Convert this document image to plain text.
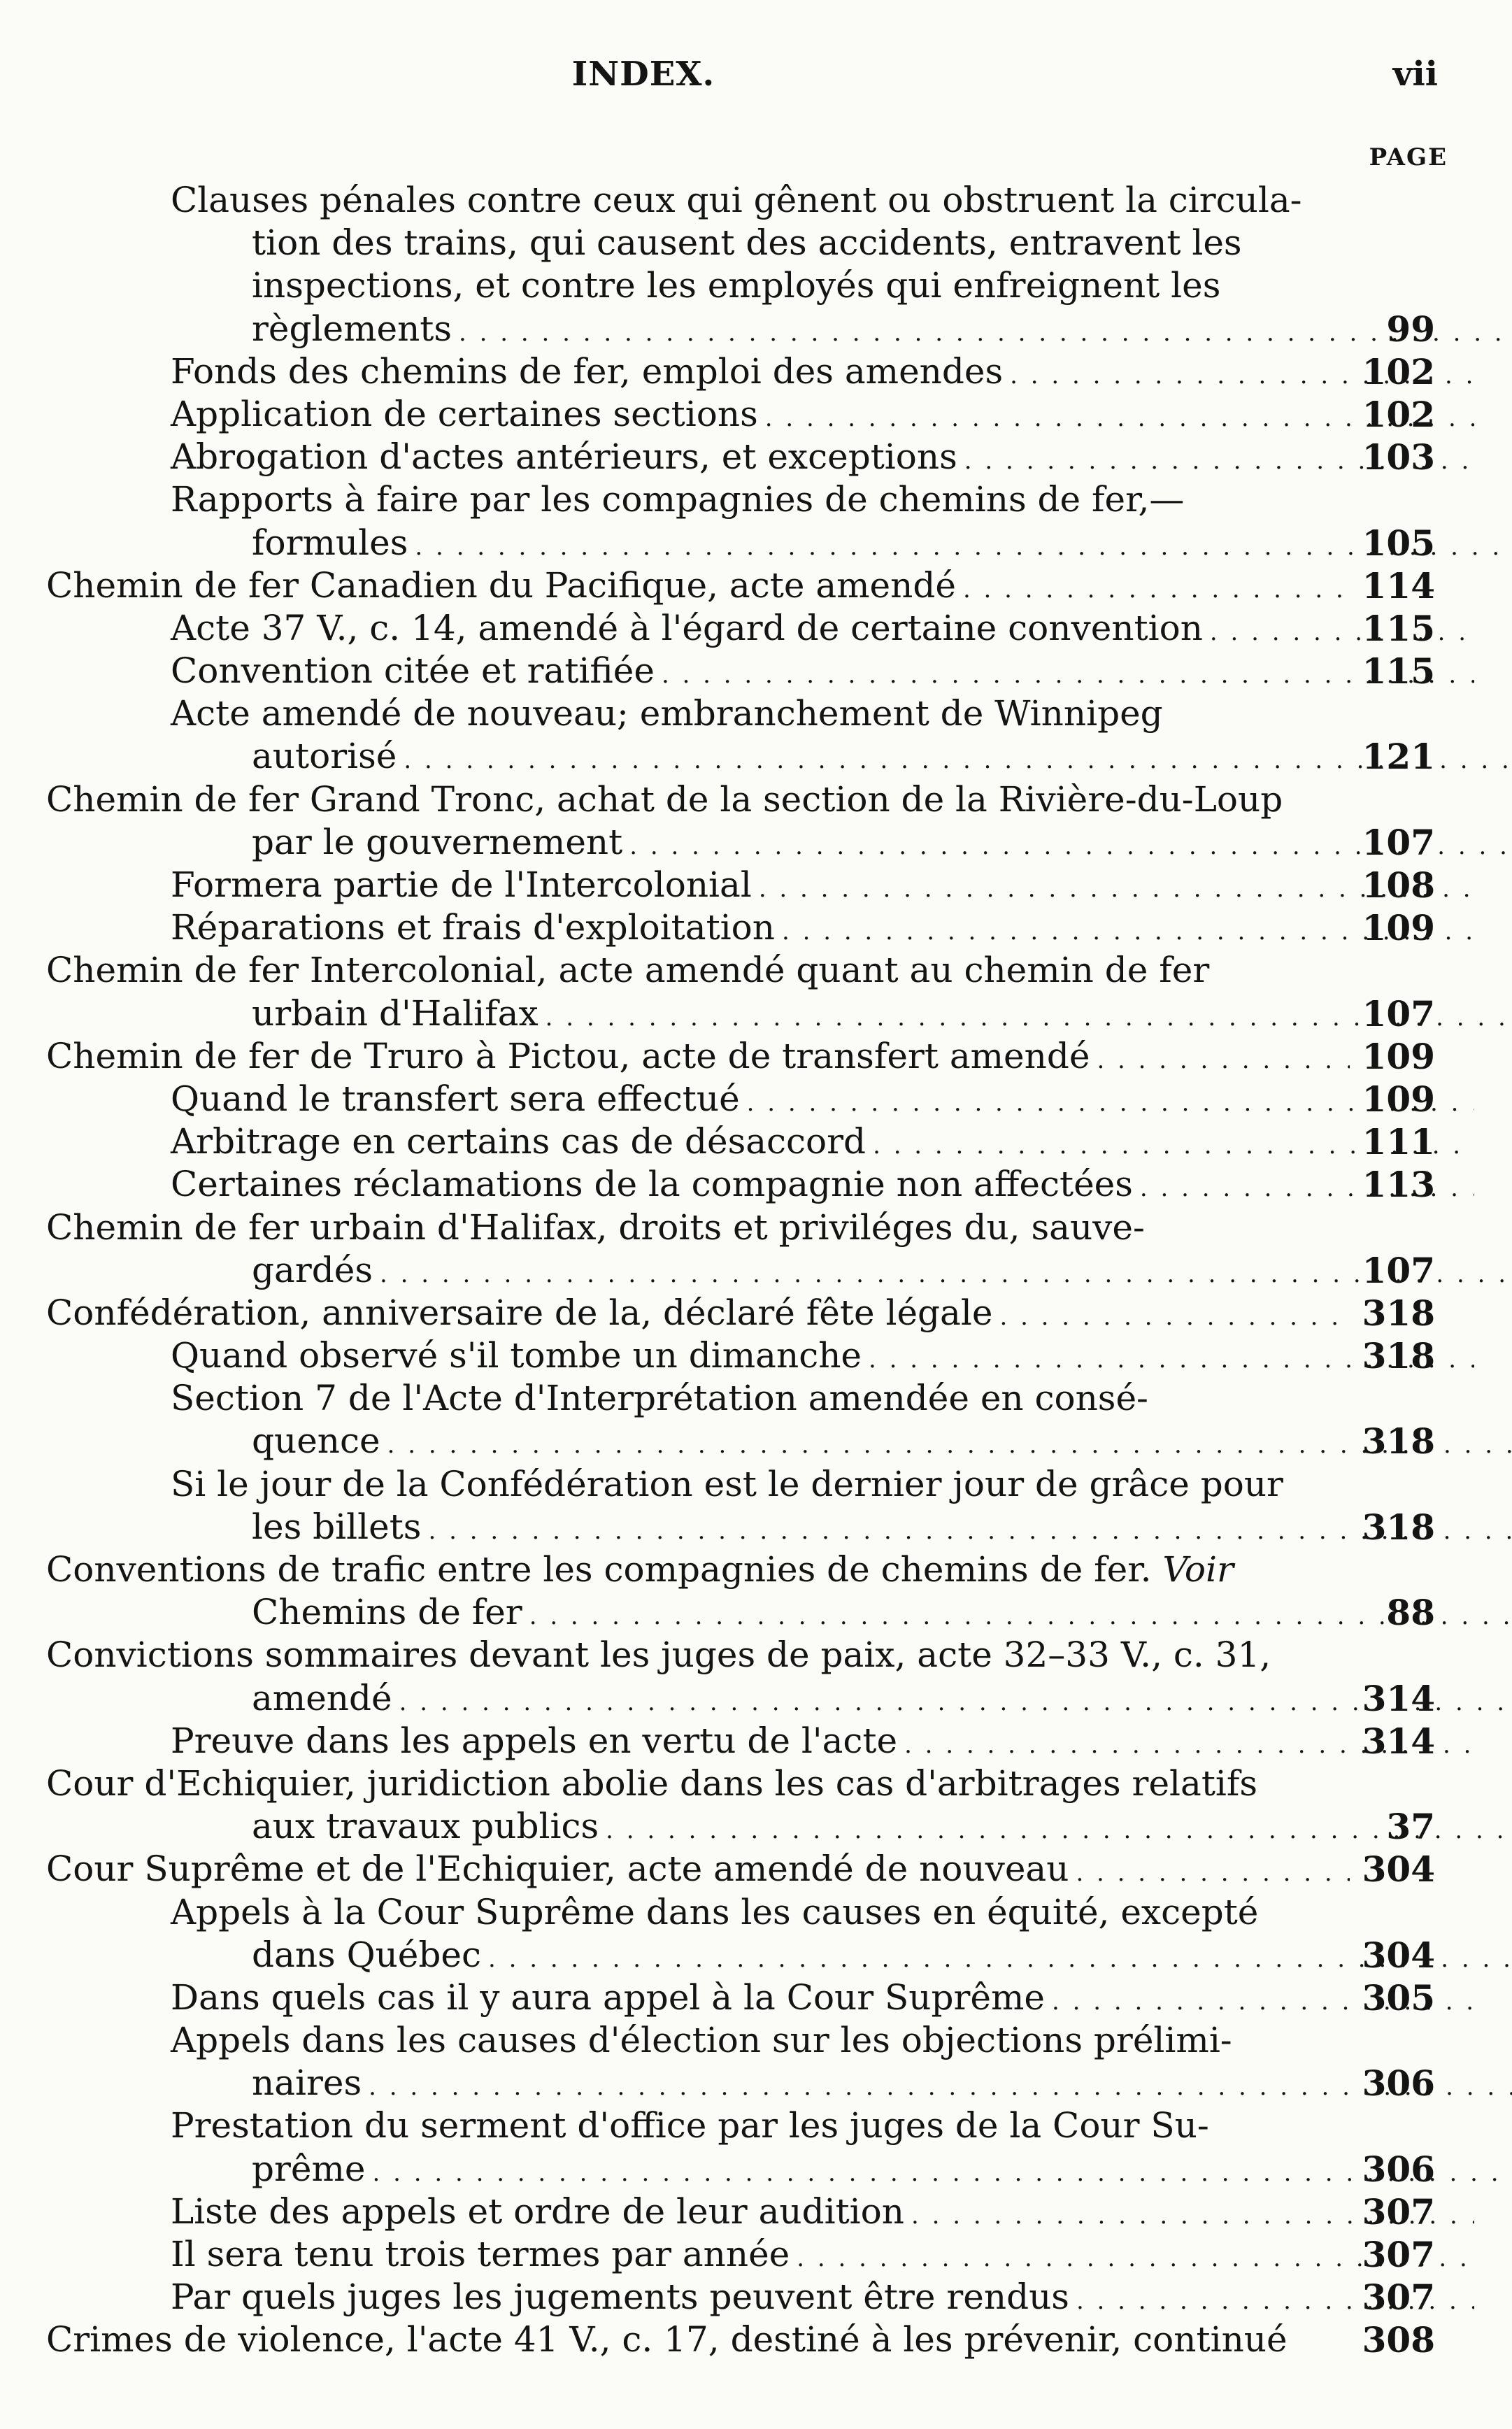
INDEX.	vii
PAGE
Clauses pénales contre ceux qui gênent ou obstruent la circula-
tion des trains, qui causent des accidents, entravent les
inspections, et contre les employés qui enfreignent les
règlements . . .	99
Fonds des chemins de fer, emploi des amendes . . .	102
Application de certaines sections . . .	102
Abrogation d'actes antérieurs, et exceptions . . .	103
Rapports à faire par les compagnies de chemins de fer,—
formules . . .	105
Chemin de fer Canadien du Pacifique, acte amendé . . .	114
Acte 37 V., c. 14, amendé à l'égard de certaine convention . . .	115
Convention citée et ratifiée . . .	115
Acte amendé de nouveau; embranchement de Winnipeg
autorisé . . .	121
Chemin de fer Grand Tronc, achat de la section de la Rivière-du-Loup
par le gouvernement . . .	107
Formera partie de l'Intercolonial . . .	108
Réparations et frais d'exploitation . . .	109
Chemin de fer Intercolonial, acte amendé quant au chemin de fer
urbain d'Halifax . . .	107
Chemin de fer de Truro à Pictou, acte de transfert amendé . . .	109
Quand le transfert sera effectué . . .	109
Arbitrage en certains cas de désaccord . . .	111
Certaines réclamations de la compagnie non affectées . . .	113
Chemin de fer urbain d'Halifax, droits et priviléges du, sauve-
gardés . . .	107
Confédération, anniversaire de la, déclaré fête légale . . .	318
Quand observé s'il tombe un dimanche . . .	318
Section 7 de l'Acte d'Interprétation amendée en consé-
quence . . .	318
Si le jour de la Confédération est le dernier jour de grâce pour
les billets . . .	318
Conventions de trafic entre les compagnies de chemins de fer. Voir
Chemins de fer . . .	88
Convictions sommaires devant les juges de paix, acte 32–33 V., c. 31,
amendé . . .	314
Preuve dans les appels en vertu de l'acte . . .	314
Cour d'Echiquier, juridiction abolie dans les cas d'arbitrages relatifs
aux travaux publics . . .	37
Cour Suprême et de l'Echiquier, acte amendé de nouveau . . .	304
Appels à la Cour Suprême dans les causes en équité, excepté
dans Québec . . .	304
Dans quels cas il y aura appel à la Cour Suprême . . .	305
Appels dans les causes d'élection sur les objections prélimi-
naires . . .	306
Prestation du serment d'office par les juges de la Cour Su-
prême . . .	306
Liste des appels et ordre de leur audition . . .	307
Il sera tenu trois termes par année . . .	307
Par quels juges les jugements peuvent être rendus . . .	307
Crimes de violence, l'acte 41 V., c. 17, destiné à les prévenir, continué 308
